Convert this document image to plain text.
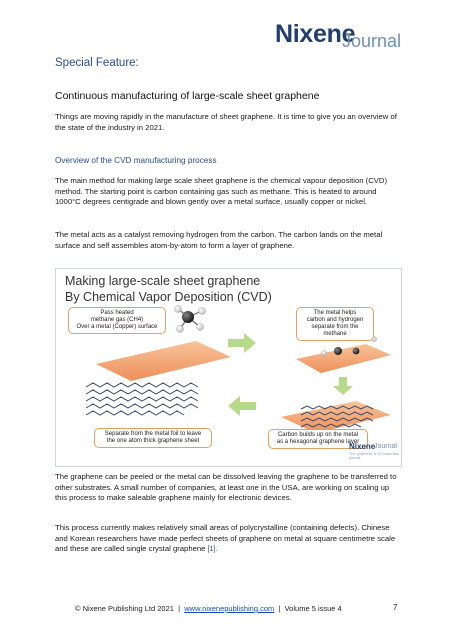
Nixene
Journal
Special Feature:
Continuous manufacturing of large-scale sheet graphene
Things are moving rapidly in the manufacture of sheet graphene. It is time to give you an overview of the state of the industry in 2021.
Overview of the CVD manufacturing process
The main method for making large scale sheet graphene is the chemical vapour deposition (CVD) method. The starting point is carbon containing gas such as methane. This is heated to around 1000°C degrees centigrade and blown gently over a metal surface, usually copper or nickel.
The metal acts as a catalyst removing hydrogen from the carbon. The carbon lands on the metal surface and self assembles atom-by-atom to form a layer of graphene.
Making large-scale sheet graphene
By Chemical Vapor Deposition (CVD)
Pass heated
methane gas (CH4)
Over a metal (Copper) surface
The metal helps
carbon and hydrogen
separate from the methane
Carbon builds up on the metal
as a hexagonal graphene layer
Separate from the metal foil to leave
the one atom thick graphene sheet
Nixene
Journal
The graphene & 2D materials journal
The graphene can be peeled or the metal can be dissolved leaving the graphene to be transferred to other substrates. A small number of companies, at least one in the USA, are working on scaling up this process to make saleable graphene mainly for electronic devices.
This process currently makes relatively small areas of polycrystalline (containing defects). Chinese and Korean researchers have made perfect sheets of graphene on metal at square centimetre scale and these are called single crystal graphene [1].
© Nixene Publishing Ltd 2021 | www.nixenepublishing.com | Volume 5 issue 4	7
